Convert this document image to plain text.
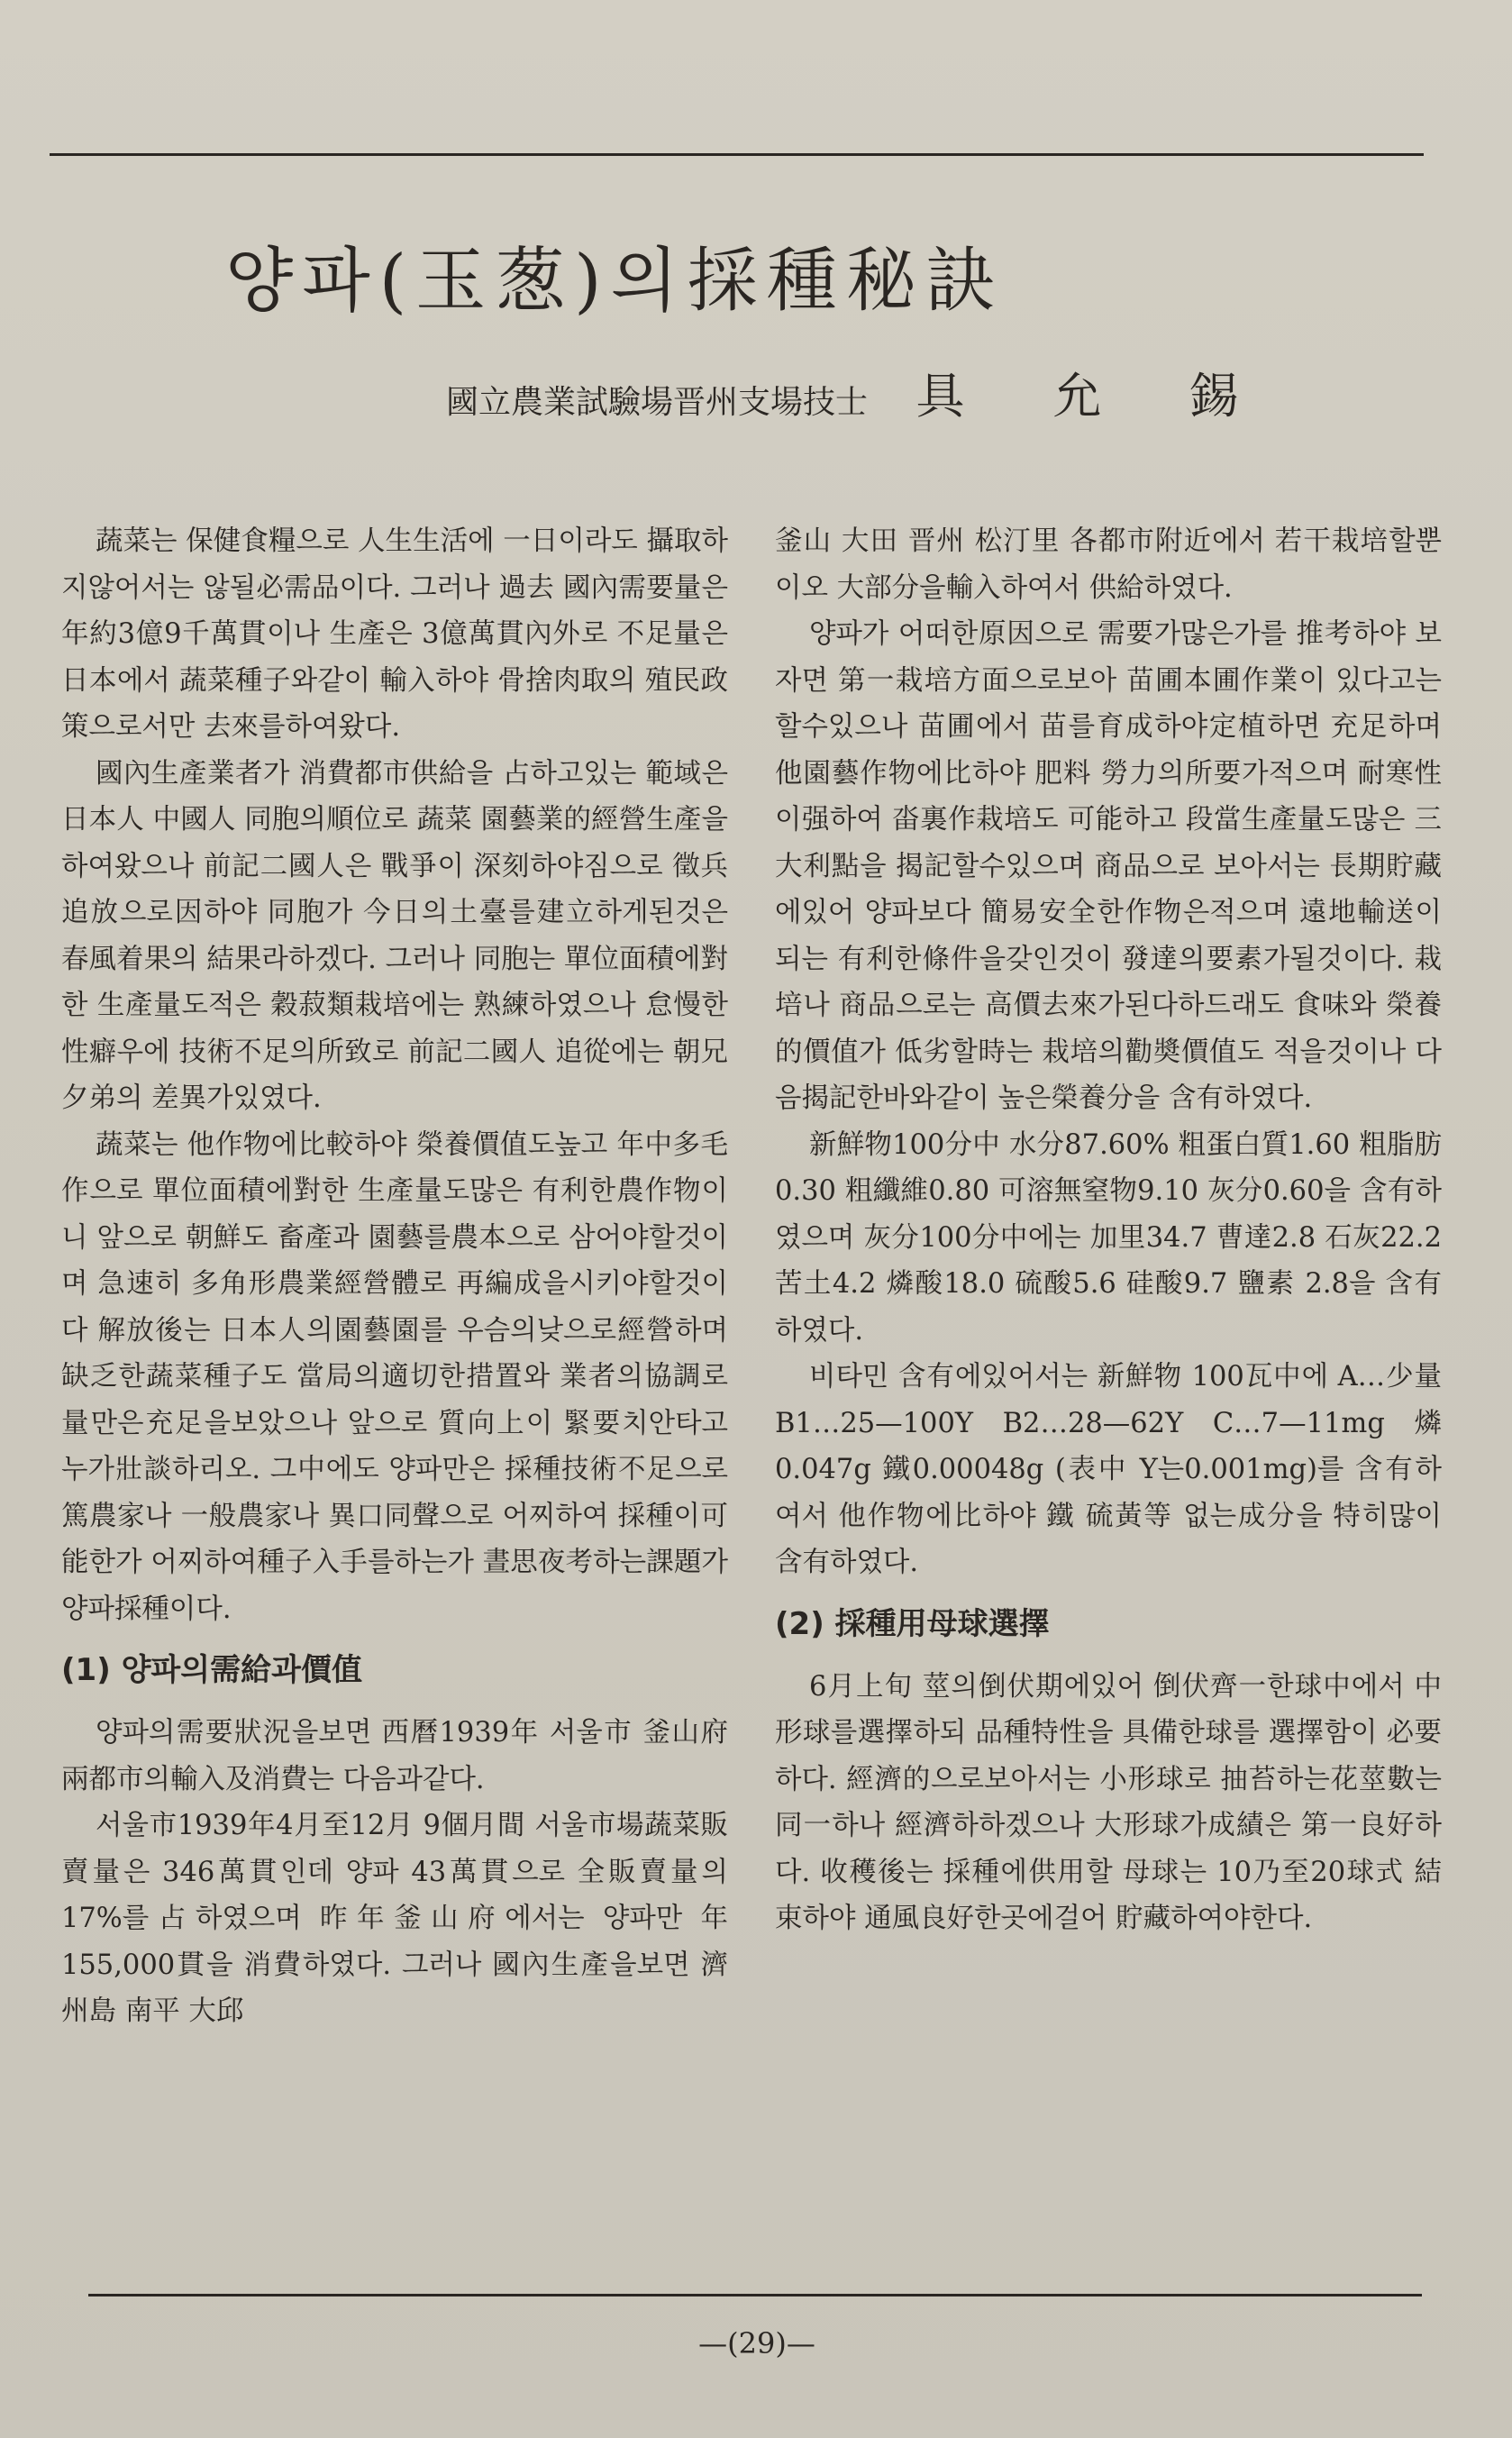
양파(玉葱)의採種秘訣
國立農業試驗場晋州支場技士 具允錫

蔬菜는 保健食糧으로 人生生活에 一日이라도 攝取하지않어서는 않될必需品이다. 그러나 過去 國內需要量은 年約3億9千萬貫이나 生產은 3億萬貫內外로 不足量은 日本에서 蔬菜種子와같이 輸入하야 骨捨肉取의 殖民政策으로서만 去來를하여왔다.

國內生產業者가 消費都市供給을 占하고있는 範域은 日本人 中國人 同胞의順位로 蔬菜 園藝業的經營生產을 하여왔으나 前記二國人은 戰爭이 深刻하야짐으로 徵兵追放으로因하야 同胞가 今日의土臺를建立하게된것은 春風着果의 結果라하겠다. 그러나 同胞는 單位面積에對한 生產量도적은 穀菽類栽培에는 熟練하였으나 怠慢한性癖우에 技術不足의所致로 前記二國人 追從에는 朝兄夕弟의 差異가있였다.

蔬菜는 他作物에比較하야 榮養價值도높고 年中多毛作으로 單位面積에對한 生產量도많은 有利한農作物이니 앞으로 朝鮮도 畜產과 園藝를農本으로 삼어야할것이며 急速히 多角形農業經營體로 再編成을시키야할것이다 解放後는 日本人의園藝園를 우슴의낮으로經營하며 缺乏한蔬菜種子도 當局의適切한措置와 業者의協調로 量만은充足을보았으나 앞으로 質向上이 緊要치안타고 누가壯談하리오. 그中에도 양파만은 採種技術不足으로 篤農家나 一般農家나 異口同聲으로 어찌하여 採種이可能한가 어찌하여種子入手를하는가 晝思夜考하는課題가 양파採種이다.

(1) 양파의需給과價值

양파의需要狀況을보면 西曆1939年 서울市 釜山府 兩都市의輸入及消費는 다음과같다.

서울市1939年4月至12月 9個月間 서울市場蔬菜販賣量은 346萬貫인데 양파 43萬貫으로 全販賣量의17%를占하였으며 昨年釜山府에서는 양파만 年155,000貫을 消費하였다. 그러나 國內生產을보면 濟州島 南平 大邱

釜山 大田 晋州 松汀里 各都市附近에서 若干栽培할뿐이오 大部分을輸入하여서 供給하였다.

양파가 어떠한原因으로 需要가많은가를 推考하야 보자면 第一栽培方面으로보아 苗圃本圃作業이 있다고는할수있으나 苗圃에서 苗를育成하야定植하면 充足하며 他園藝作物에比하야 肥料 勞力의所要가적으며 耐寒性이强하여 畓裏作栽培도 可能하고 段當生產量도많은 三大利點을 揭記할수있으며 商品으로 보아서는 長期貯藏에있어 양파보다 簡易安全한作物은적으며 遠地輸送이되는 有利한條件을갖인것이 發達의要素가될것이다. 栽培나 商品으로는 高價去來가된다하드래도 食味와 榮養的價值가 低劣할時는 栽培의勸奬價值도 적을것이나 다음揭記한바와같이 높은榮養分을 含有하였다.

新鮮物100分中 水分87.60% 粗蛋白質1.60 粗脂肪0.30 粗纖維0.80 可溶無窒物9.10 灰分0.60을 含有하였으며 灰分100分中에는 加里34.7 曹達2.8 石灰22.2 苦土4.2 燐酸18.0 硫酸5.6 硅酸9.7 鹽素 2.8을 含有하였다.

비타민 含有에있어서는 新鮮物 100瓦中에 A…少量 B1…25—100Y B2…28—62Y C…7—11mg 燐0.047g 鐵0.00048g (表中 Y는0.001mg)를 含有하여서 他作物에比하야 鐵 硫黃等 없는成分을 特히많이 含有하였다.

(2) 採種用母球選擇

6月上旬 莖의倒伏期에있어 倒伏齊一한球中에서 中形球를選擇하되 品種特性을 具備한球를 選擇함이 必要하다. 經濟的으로보아서는 小形球로 抽苔하는花莖數는 同一하나 經濟하하겠으나 大形球가成績은 第一良好하다. 收穫後는 採種에供用할 母球는 10乃至20球式 結束하야 通風良好한곳에걸어 貯藏하여야한다.

—(29)—
